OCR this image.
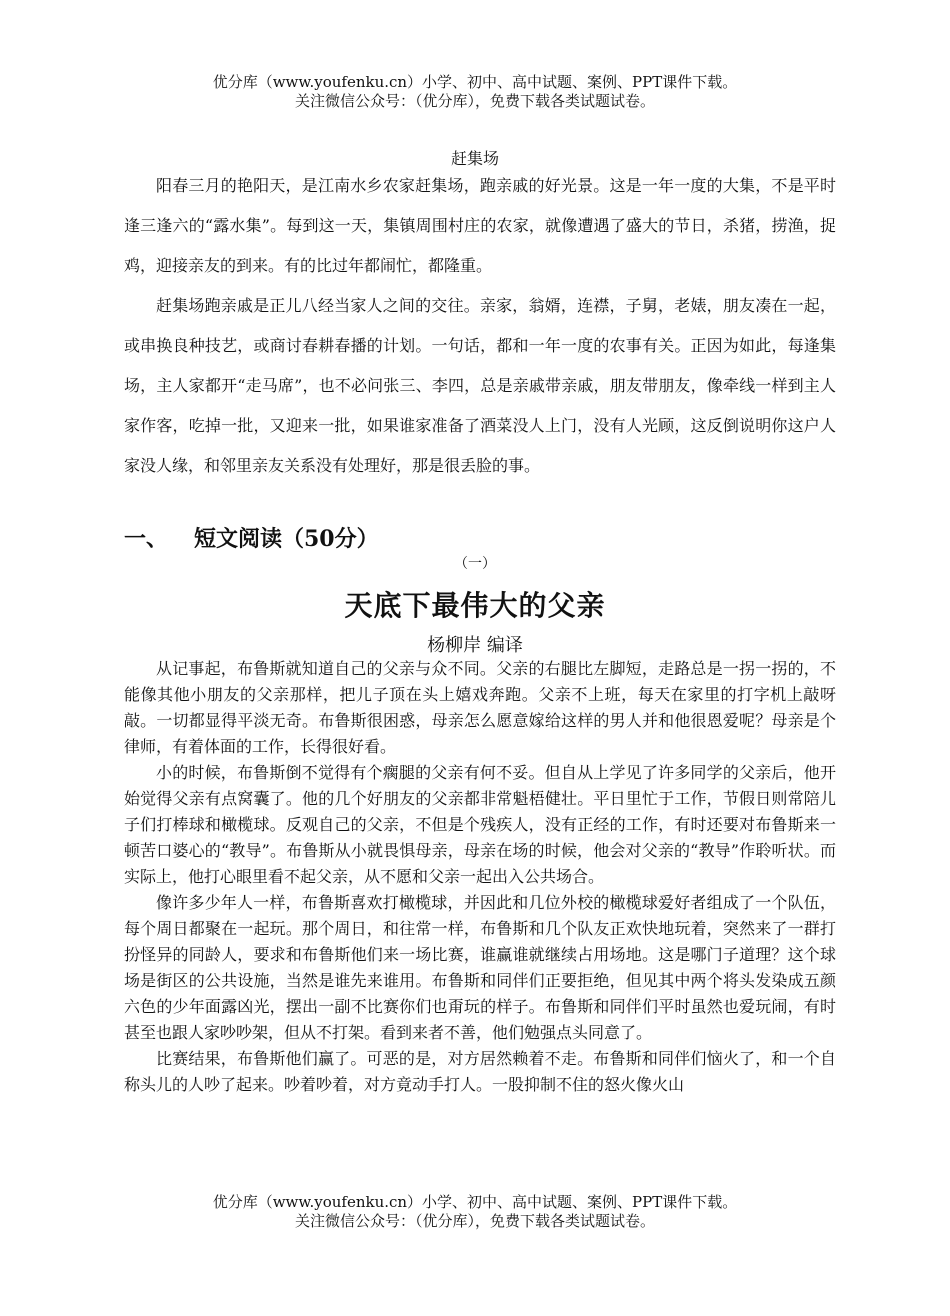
优分库（www.youfenku.cn）小学、初中、高中试题、案例、PPT课件下载。
关注微信公众号：（优分库），免费下载各类试题试卷。
赶集场

阳春三月的艳阳天，是江南水乡农家赶集场，跑亲戚的好光景。这是一年一度的大集，不是平时逢三逢六的“露水集”。每到这一天，集镇周围村庄的农家，就像遭遇了盛大的节日，杀猪，捞渔，捉鸡，迎接亲友的到来。有的比过年都闹忙，都隆重。

赶集场跑亲戚是正儿八经当家人之间的交往。亲家，翁婿，连襟，子舅，老婊，朋友凑在一起，或串换良种技艺，或商讨春耕春播的计划。一句话，都和一年一度的农事有关。正因为如此，每逢集场，主人家都开“走马席”，也不必问张三、李四，总是亲戚带亲戚，朋友带朋友，像牵线一样到主人家作客，吃掉一批，又迎来一批，如果谁家准备了酒菜没人上门，没有人光顾，这反倒说明你这户人家没人缘，和邻里亲友关系没有处理好，那是很丢脸的事。

一、 短文阅读（50分）
（一）
天底下最伟大的父亲
杨柳岸 编译

从记事起，布鲁斯就知道自己的父亲与众不同。父亲的右腿比左脚短，走路总是一拐一拐的，不能像其他小朋友的父亲那样，把儿子顶在头上嬉戏奔跑。父亲不上班，每天在家里的打字机上敲呀敲。一切都显得平淡无奇。布鲁斯很困惑，母亲怎么愿意嫁给这样的男人并和他很恩爱呢？母亲是个律师，有着体面的工作，长得很好看。

小的时候，布鲁斯倒不觉得有个瘸腿的父亲有何不妥。但自从上学见了许多同学的父亲后，他开始觉得父亲有点窝囊了。他的几个好朋友的父亲都非常魁梧健壮。平日里忙于工作，节假日则常陪儿子们打棒球和橄榄球。反观自己的父亲，不但是个残疾人，没有正经的工作，有时还要对布鲁斯来一顿苦口婆心的“教导”。布鲁斯从小就畏惧母亲，母亲在场的时候，他会对父亲的“教导”作聆听状。而实际上，他打心眼里看不起父亲，从不愿和父亲一起出入公共场合。

像许多少年人一样，布鲁斯喜欢打橄榄球，并因此和几位外校的橄榄球爱好者组成了一个队伍，每个周日都聚在一起玩。那个周日，和往常一样，布鲁斯和几个队友正欢快地玩着，突然来了一群打扮怪异的同龄人，要求和布鲁斯他们来一场比赛，谁赢谁就继续占用场地。这是哪门子道理？这个球场是街区的公共设施，当然是谁先来谁用。布鲁斯和同伴们正要拒绝，但见其中两个将头发染成五颜六色的少年面露凶光，摆出一副不比赛你们也甭玩的样子。布鲁斯和同伴们平时虽然也爱玩闹，有时甚至也跟人家吵吵架，但从不打架。看到来者不善，他们勉强点头同意了。

比赛结果，布鲁斯他们赢了。可恶的是，对方居然赖着不走。布鲁斯和同伴们恼火了，和一个自称头儿的人吵了起来。吵着吵着，对方竟动手打人。一股抑制不住的怒火像火山

优分库（www.youfenku.cn）小学、初中、高中试题、案例、PPT课件下载。
关注微信公众号：（优分库），免费下载各类试题试卷。
